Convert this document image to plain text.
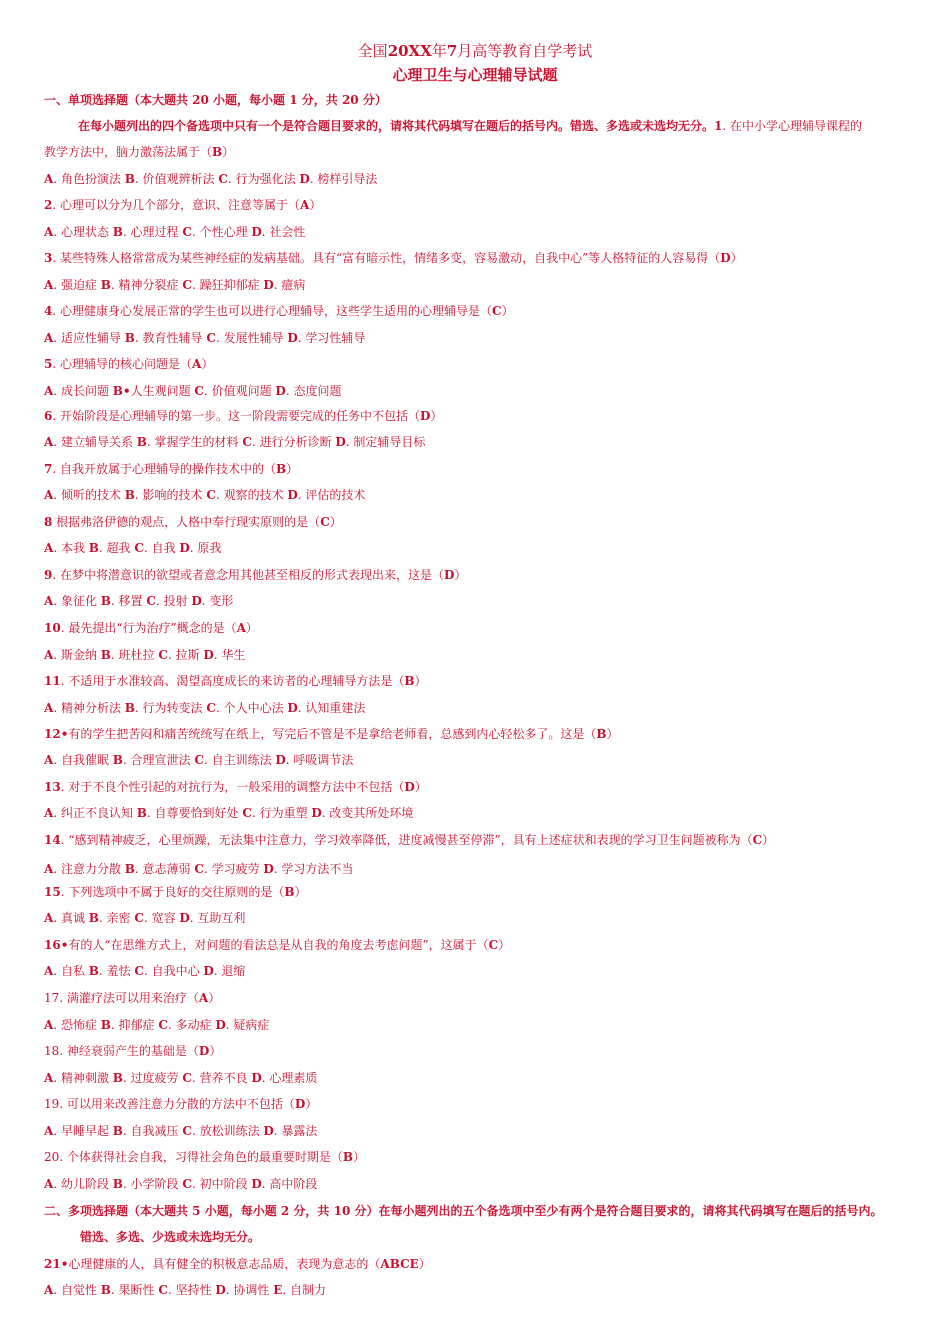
全国20XX年7月高等教育自学考试
心理卫生与心理辅导试题
一、单项选择题（本大题共 20 小题，每小题 1 分，共 20 分）
在每小题列出的四个备选项中只有一个是符合题目要求的，请将其代码填写在题后的括号内。错选、多选或未选均无分。1. 在中小学心理辅导课程的
教学方法中，脑力激荡法属于（B）
A. 角色扮演法 B. 价值观辨析法 C. 行为强化法 D. 榜样引导法
2. 心理可以分为几个部分，意识、注意等属于（A）
A. 心理状态 B. 心理过程 C. 个性心理 D. 社会性
3. 某些特殊人格常常成为某些神经症的发病基础。具有“富有暗示性，情绪多变，容易激动，自我中心”等人格特征的人容易得（D）
A. 强迫症 B. 精神分裂症 C. 躁狂抑郁症 D. 癔病
4. 心理健康身心发展正常的学生也可以进行心理辅导，这些学生适用的心理辅导是（C）
A. 适应性辅导 B. 教育性辅导 C. 发展性辅导 D. 学习性辅导
5. 心理辅导的核心问题是（A）
A. 成长问题 B•人生观问题 C. 价值观问题 D. 态度问题
6. 开始阶段是心理辅导的第一步。这一阶段需要完成的任务中不包括（D）
A. 建立辅导关系 B. 掌握学生的材料 C. 进行分析诊断 D. 制定辅导目标
7. 自我开放属于心理辅导的操作技术中的（B）
A. 倾听的技术 B. 影响的技术 C. 观察的技术 D. 评估的技术
8 根据弗洛伊德的观点，人格中奉行现实原则的是（C）
A. 本我 B. 超我 C. 自我 D. 原我
9. 在梦中将潜意识的欲望或者意念用其他甚至相反的形式表现出来，这是（D）
A. 象征化 B. 移置 C. 投射 D. 变形
10. 最先提出“行为治疗”概念的是（A）
A. 斯金纳 B. 班杜拉 C. 拉斯 D. 华生
11. 不适用于水准较高、渴望高度成长的来访者的心理辅导方法是（B）
A. 精神分析法 B. 行为转变法 C. 个人中心法 D. 认知重建法
12•有的学生把苦闷和痛苦统统写在纸上，写完后不管是不是拿给老师看，总感到内心轻松多了。这是（B）
A. 自我催眠 B. 合理宣泄法 C. 自主训练法 D. 呼吸调节法
13. 对于不良个性引起的对抗行为，一般采用的调整方法中不包括（D）
A. 纠正不良认知 B. 自尊要恰到好处 C. 行为重塑 D. 改变其所处环境
14. “感到精神疲乏，心里烦躁，无法集中注意力，学习效率降低，进度减慢甚至停滞”，具有上述症状和表现的学习卫生问题被称为（C）
A. 注意力分散 B. 意志薄弱 C. 学习疲劳 D. 学习方法不当
15. 下列选项中不属于良好的交往原则的是（B）
A. 真诚 B. 亲密 C. 宽容 D. 互助互利
16•有的人“在思维方式上，对问题的看法总是从自我的角度去考虑问题”，这属于（C）
A. 自私 B. 羞怯 C. 自我中心 D. 退缩
17. 满灌疗法可以用来治疗（A）
A. 恐怖症 B. 抑郁症 C. 多动症 D. 疑病症
18. 神经衰弱产生的基础是（D）
A. 精神刺激 B. 过度疲劳 C. 营养不良 D. 心理素质
19. 可以用来改善注意力分散的方法中不包括（D）
A. 早睡早起 B. 自我减压 C. 放松训练法 D. 暴露法
20. 个体获得社会自我，习得社会角色的最重要时期是（B）
A. 幼儿阶段 B. 小学阶段 C. 初中阶段 D. 高中阶段
二、多项选择题（本大题共 5 小题，每小题 2 分，共 10 分）在每小题列出的五个备选项中至少有两个是符合题目要求的，请将其代码填写在题后的括号内。
错选、多选、少选或未选均无分。
21•心理健康的人，具有健全的积极意志品质，表现为意志的（ABCE）
A. 自觉性 B. 果断性 C. 坚持性 D. 协调性 E. 自制力
